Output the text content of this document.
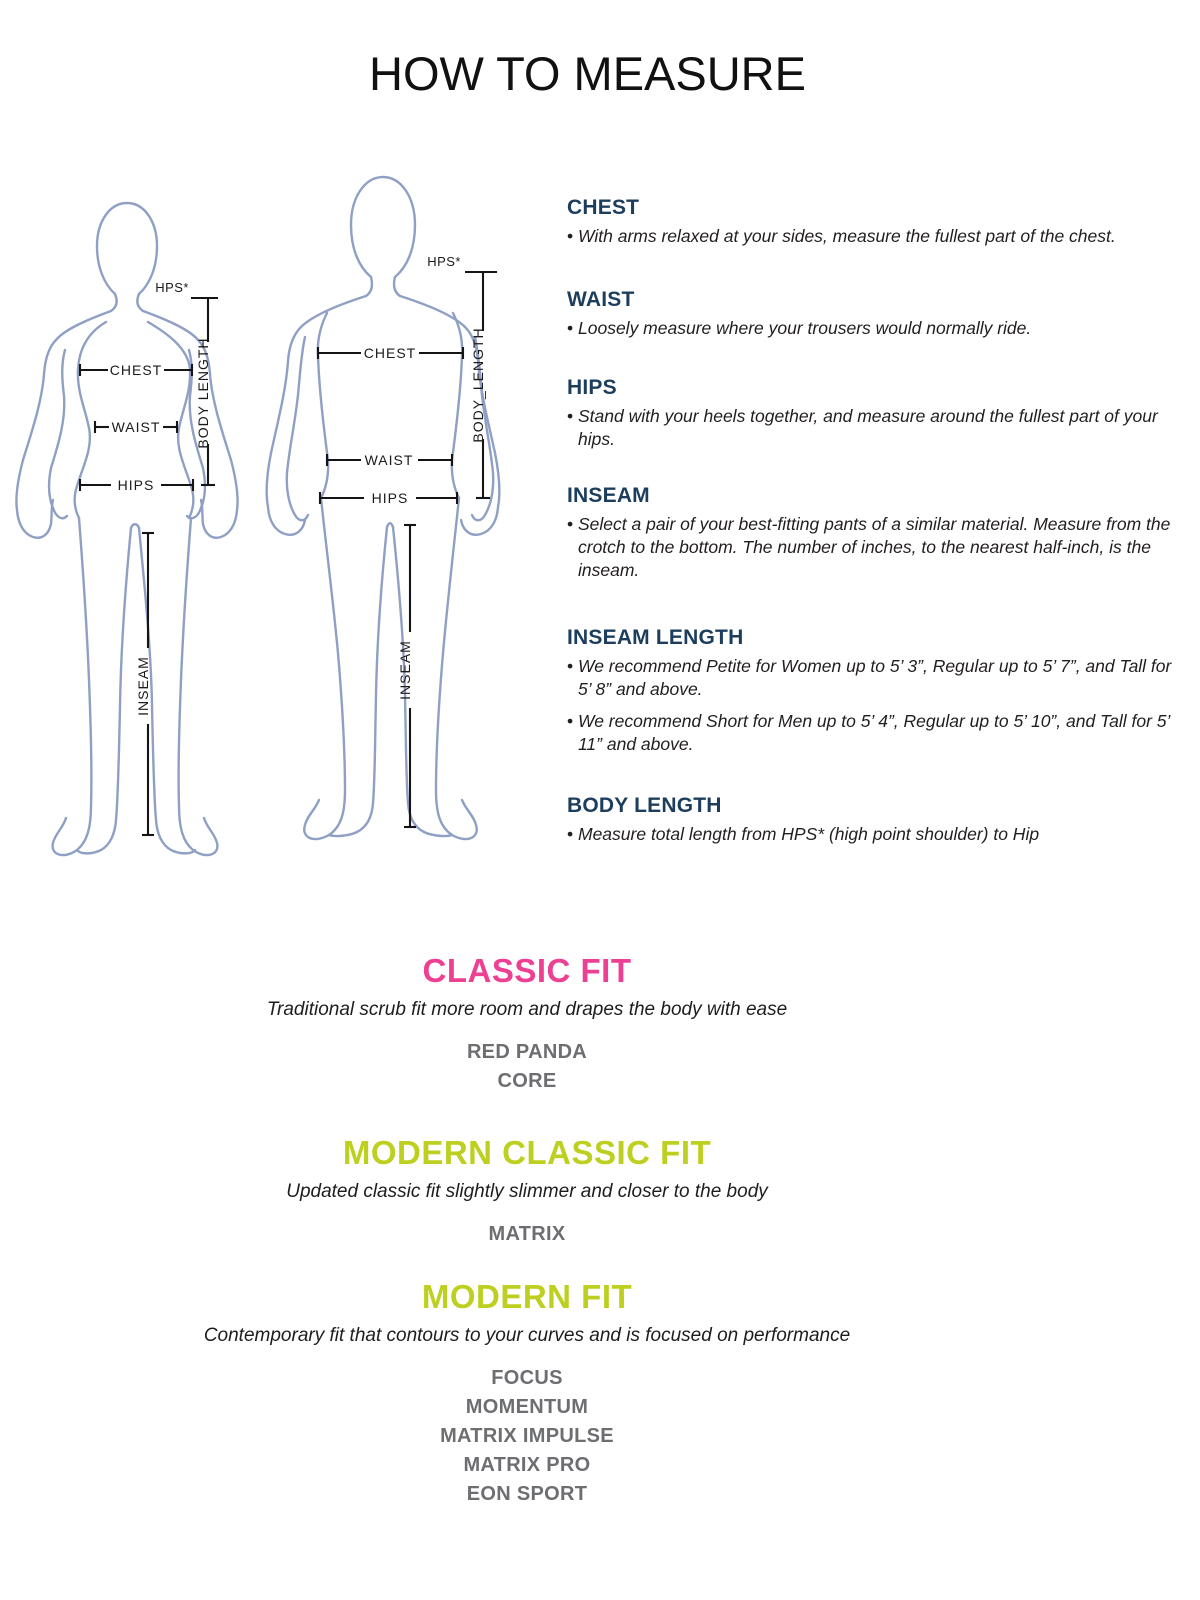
HOW TO MEASURE
HPS*
CHEST
WAIST
HIPS
BODY LENGTH
INSEAM
HPS*
CHEST
WAIST
HIPS
BODY_LENGTH
INSEAM
CHEST

• With arms relaxed at your sides, measure the fullest part of the chest.

WAIST

• Loosely measure where your trousers would normally ride.

HIPS

• Stand with your heels together, and measure around the fullest part of your hips.

INSEAM

• Select a pair of your best-fitting pants of a similar material. Measure from the crotch to the bottom. The number of inches, to the nearest half-inch, is the inseam.

INSEAM LENGTH

• We recommend Petite for Women up to 5’ 3”, Regular up to 5’ 7”, and Tall for 5’ 8” and above.

• We recommend Short for Men up to 5’ 4”, Regular up to 5’ 10”, and Tall for 5’ 11” and above.

BODY LENGTH

• Measure total length from HPS* (high point shoulder) to Hip

CLASSIC FIT

Traditional scrub fit more room and drapes the body with ease

RED PANDA
CORE
MODERN CLASSIC FIT

Updated classic fit slightly slimmer and closer to the body

MATRIX
MODERN FIT

Contemporary fit that contours to your curves and is focused on performance

FOCUS
MOMENTUM
MATRIX IMPULSE
MATRIX PRO
EON SPORT
